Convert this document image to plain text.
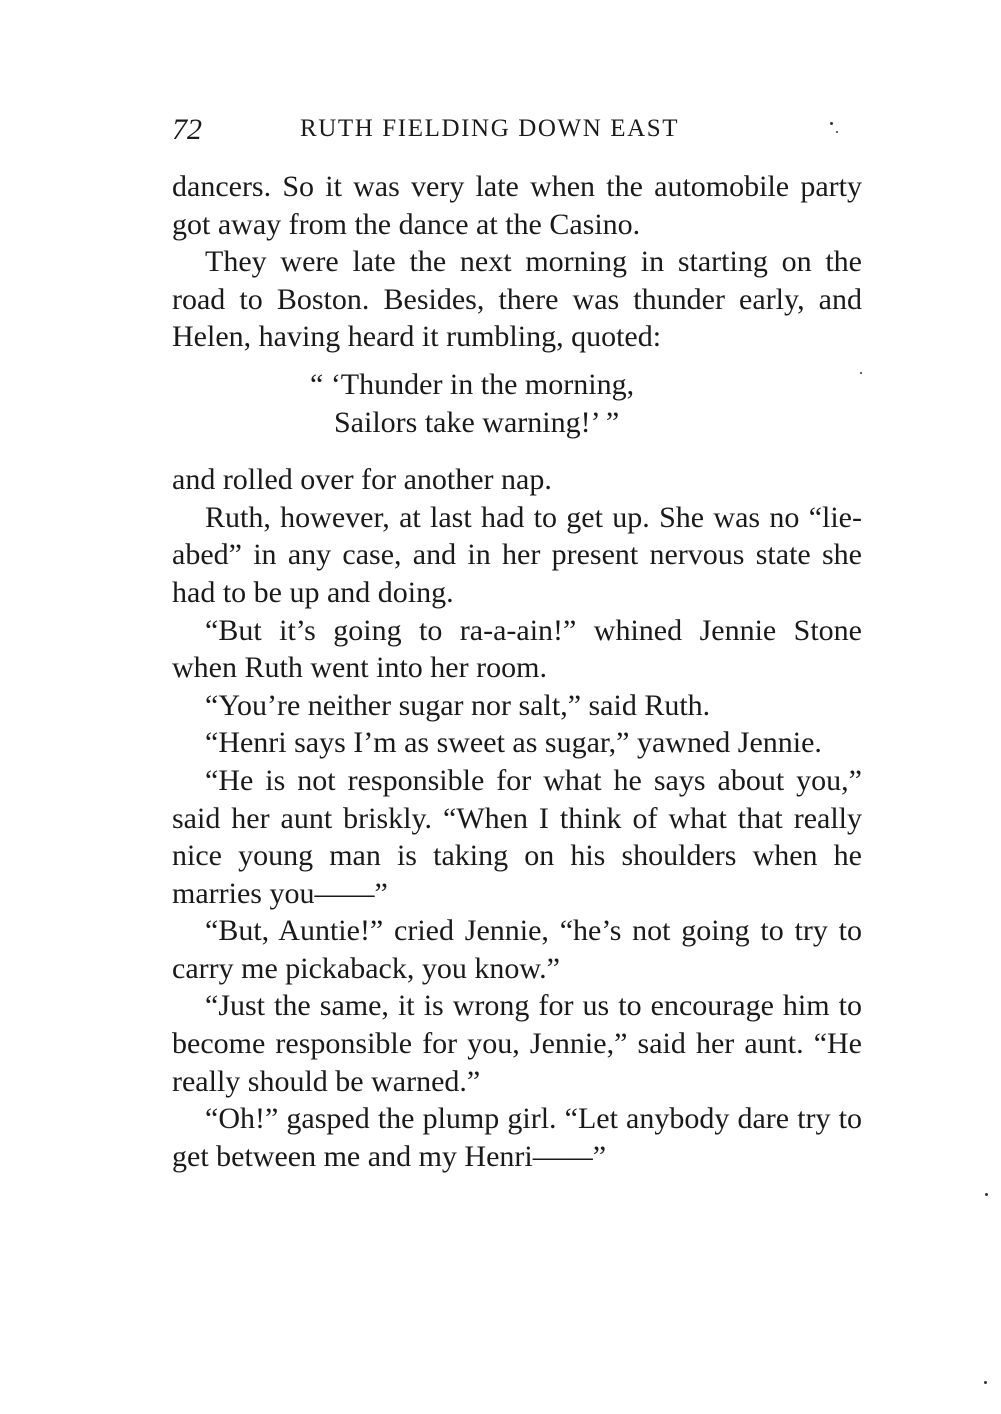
72	RUTH FIELDING DOWN EAST

dancers. So it was very late when the automobile party got away from the dance at the Casino.

They were late the next morning in starting on the road to Boston. Besides, there was thunder early, and Helen, having heard it rumbling, quoted:

“ ‘Thunder in the morning,
Sailors take warning!’ ”

and rolled over for another nap.

Ruth, however, at last had to get up. She was no “lie-abed” in any case, and in her present nervous state she had to be up and doing.

“But it’s going to ra-a-ain!” whined Jennie Stone when Ruth went into her room.

“You’re neither sugar nor salt,” said Ruth.

“Henri says I’m as sweet as sugar,” yawned Jennie.

“He is not responsible for what he says about you,” said her aunt briskly. “When I think of what that really nice young man is taking on his shoulders when he marries you——”

“But, Auntie!” cried Jennie, “he’s not going to try to carry me pickaback, you know.”

“Just the same, it is wrong for us to encourage him to become responsible for you, Jennie,” said her aunt. “He really should be warned.”

“Oh!” gasped the plump girl. “Let anybody dare try to get between me and my Henri——”
